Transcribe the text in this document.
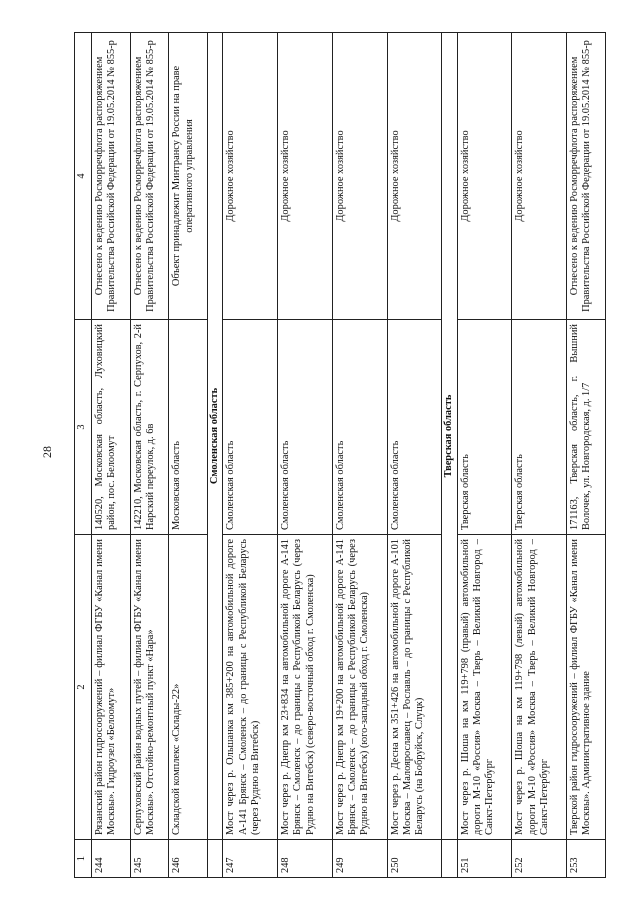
28
1	2	3	4
244	Рязанский район гидросооружений – филиал ФГБУ «Канал имени Москвы». Гидроузел «Белоомут»	140520, Московская область, Луховицкий район, пос. Белоомут	Отнесено к ведению Росморречфлота распоряжением Правительства Российской Федерации от 19.05.2014 № 855-р
245	Серпуховский район водных путей – филиал ФГБУ «Канал имени Москвы». Отстойно-ремонтный пункт «Нара»	142210, Московская область, г. Серпухов, 2-й Нарский переулок, д. 6в	Отнесено к ведению Росморречфлота распоряжением Правительства Российской Федерации от 19.05.2014 № 855-р
246	Складской комплекс «Склады-22»	Московская область	Объект принадлежит Минтрансу России на праве оперативного управления
	Смоленская область		
247	Мост через р. Ольшанка км 385+200 на автомобильной дороге А-141 Брянск – Смоленск – до границы с Республикой Беларусь (через Рудню на Витебск)	Смоленская область	Дорожное хозяйство
248	Мост через р. Днепр км 23+834 на автомобильной дороге А-141 Брянск – Смоленск – до границы с Республикой Беларусь (через Рудню на Витебск) (северо-восточный обход г. Смоленска)	Смоленская область	Дорожное хозяйство
249	Мост через р. Днепр км 19+200 на автомобильной дороге А-141 Брянск – Смоленск – до границы с Республикой Беларусь (через Рудню на Витебск) (юго-западный обход г. Смоленска)	Смоленская область	Дорожное хозяйство
250	Мост через р. Десна км 351+426 на автомобильной дороге А-101 Москва – Малоярославец – Рославль – до границы с Республикой Беларусь (на Бобруйск, Слуцк)	Смоленская область	Дорожное хозяйство
	Тверская область		
251	Мост через р. Шоша на км 119+798 (правый) автомобильной дороги М-10 «Россия» Москва – Тверь – Великий Новгород – Санкт-Петербург	Тверская область	Дорожное хозяйство
252	Мост через р. Шоша на км 119+798 (левый) автомобильной дороги М-10 «Россия» Москва – Тверь – Великий Новгород – Санкт-Петербург	Тверская область	Дорожное хозяйство
253	Тверской район гидросооружений – филиал ФГБУ «Канал имени Москвы». Административное здание	171163, Тверская область, г. Вышний Волочек, ул. Новгородская, д. 1/7	Отнесено к ведению Росморречфлота распоряжением Правительства Российской Федерации от 19.05.2014 № 855-р
